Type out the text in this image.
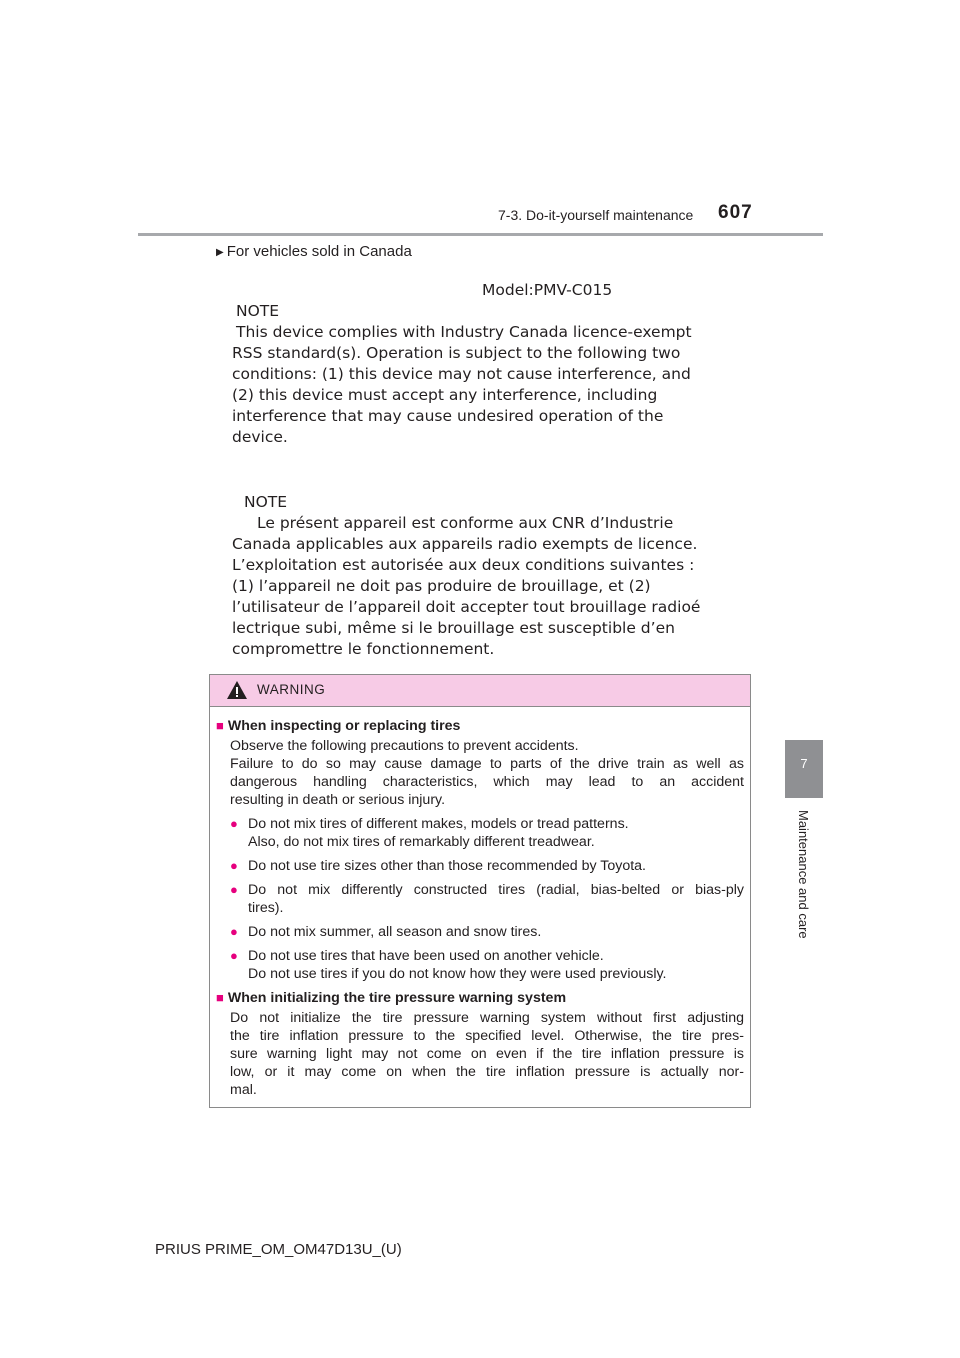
7-3. Do-it-yourself maintenance 607
7
Maintenance and care
▶ For vehicles sold in Canada
Model:PMV-C015
NOTE
This device complies with Industry Canada licence-exempt
RSS standard(s). Operation is subject to the following two
conditions: (1) this device may not cause interference, and
(2) this device must accept any interference, including
interference that may cause undesired operation of the
device.
NOTE
Le présent appareil est conforme aux CNR d’Industrie
Canada applicables aux appareils radio exempts de licence.
L’exploitation est autorisée aux deux conditions suivantes :
(1) l’appareil ne doit pas produire de brouillage, et (2)
l’utilisateur de l’appareil doit accepter tout brouillage radioé
lectrique subi, même si le brouillage est susceptible d’en
compromettre le fonctionnement.
WARNING
■ When inspecting or replacing tires
Observe the following precautions to prevent accidents.
Failure to do so may cause damage to parts of the drive train as well as
dangerous handling characteristics, which may lead to an accident
resulting in death or serious injury.
● Do not mix tires of different makes, models or tread patterns.
Also, do not mix tires of remarkably different treadwear.
● Do not use tire sizes other than those recommended by Toyota.
● Do not mix differently constructed tires (radial, bias-belted or bias-ply
tires).
● Do not mix summer, all season and snow tires.
● Do not use tires that have been used on another vehicle.
Do not use tires if you do not know how they were used previously.
■ When initializing the tire pressure warning system
Do not initialize the tire pressure warning system without first adjusting
the tire inflation pressure to the specified level. Otherwise, the tire pres-
sure warning light may not come on even if the tire inflation pressure is
low, or it may come on when the tire inflation pressure is actually nor-
mal.
PRIUS PRIME_OM_OM47D13U_(U)
